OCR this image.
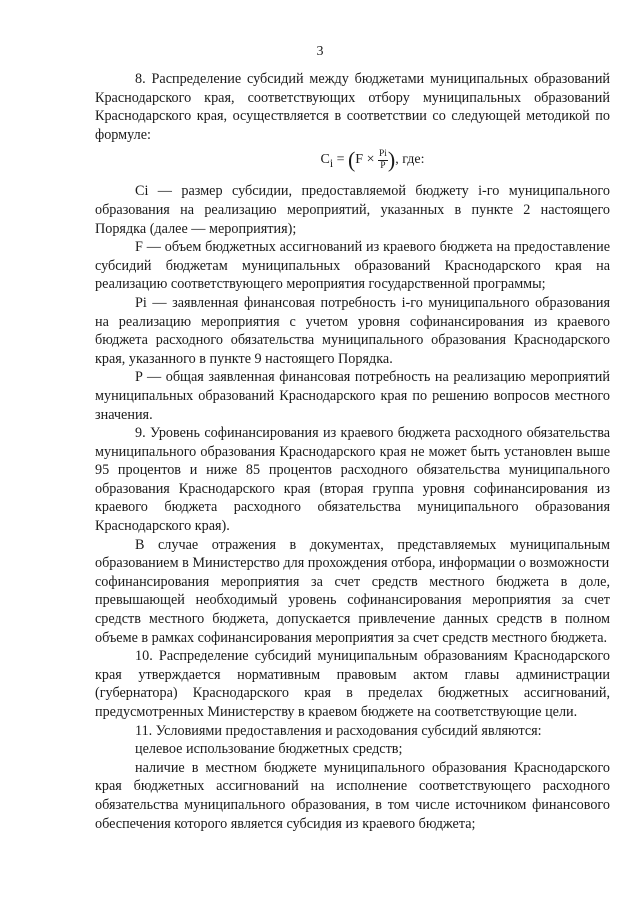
3

8. Распределение субсидий между бюджетами муниципальных образований Краснодарского края, соответствующих отбору муниципальных образований Краснодарского края, осуществляется в соответствии со следующей методикой по формуле:

$C_i = (F \times \frac{Pi}{P}$ ), где:

Ci — размер субсидии, предоставляемой бюджету i-го муниципального образования на реализацию мероприятий, указанных в пункте 2 настоящего Порядка (далее — мероприятия);

F — объем бюджетных ассигнований из краевого бюджета на предоставление субсидий бюджетам муниципальных образований Краснодарского края на реализацию соответствующего мероприятия государственной программы;

Pi — заявленная финансовая потребность i-го муниципального образования на реализацию мероприятия с учетом уровня софинансирования из краевого бюджета расходного обязательства муниципального образования Краснодарского края, указанного в пункте 9 настоящего Порядка.

P — общая заявленная финансовая потребность на реализацию мероприятий муниципальных образований Краснодарского края по решению вопросов местного значения.

9. Уровень софинансирования из краевого бюджета расходного обязательства муниципального образования Краснодарского края не может быть установлен выше 95 процентов и ниже 85 процентов расходного обязательства муниципального образования Краснодарского края (вторая группа уровня софинансирования из краевого бюджета расходного обязательства муниципального образования Краснодарского края).

В случае отражения в документах, представляемых муниципальным образованием в Министерство для прохождения отбора, информации о возможности

софинансирования мероприятия за счет средств местного бюджета в доле, превышающей необходимый уровень софинансирования мероприятия за счет средств местного бюджета, допускается привлечение данных средств в полном объеме в рамках софинансирования мероприятия за счет средств местного бюджета.

10. Распределение субсидий муниципальным образованиям Краснодарского края утверждается нормативным правовым актом главы администрации (губернатора) Краснодарского края в пределах бюджетных ассигнований, предусмотренных Министерству в краевом бюджете на соответствующие цели.

11. Условиями предоставления и расходования субсидий являются:

целевое использование бюджетных средств;

наличие в местном бюджете муниципального образования Краснодарского края бюджетных ассигнований на исполнение соответствующего расходного обязательства муниципального образования, в том числе источником финансового обеспечения которого является субсидия из краевого бюджета;
